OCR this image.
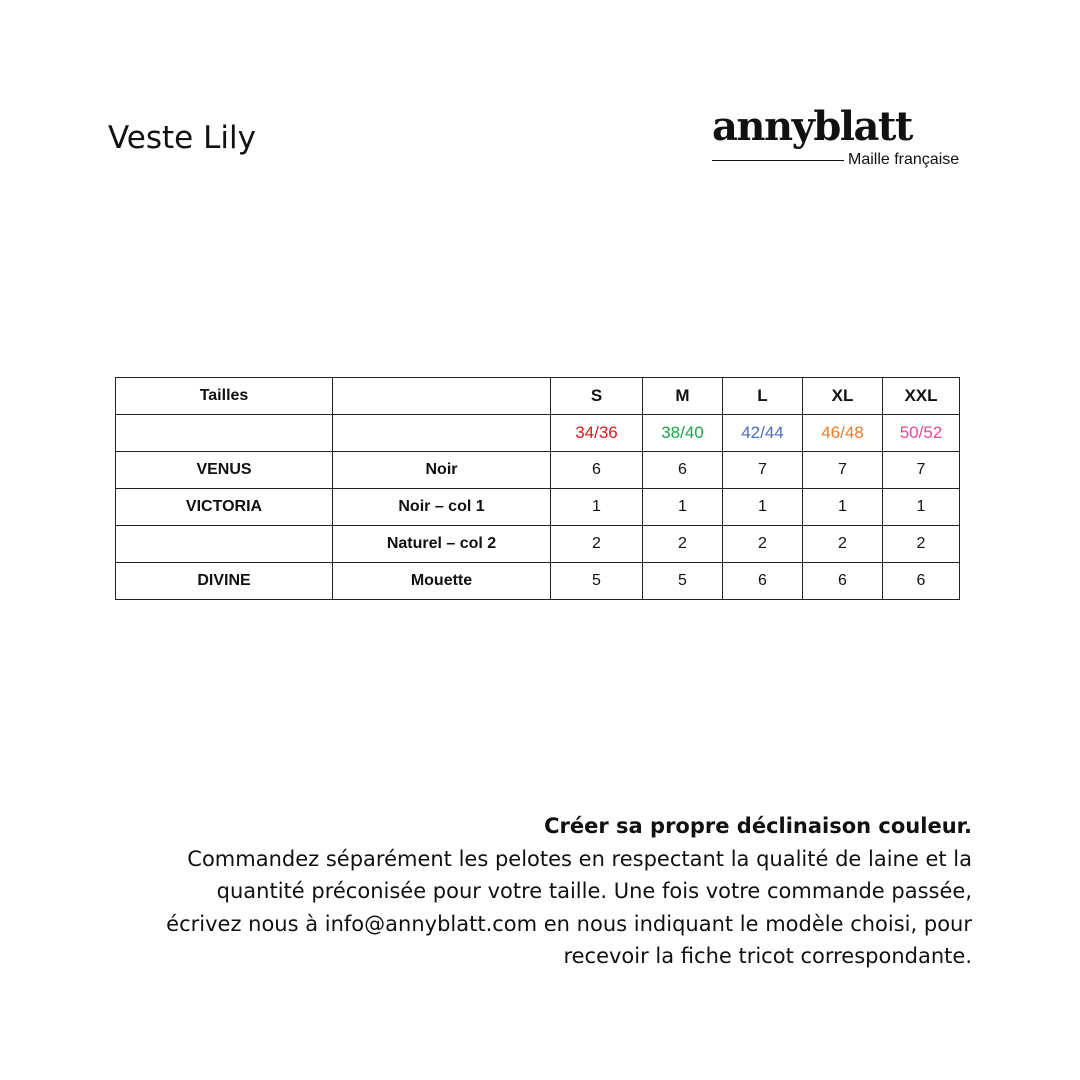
Veste Lily	annyblatt
Maille française
Tailles		S	M	L	XL	XXL
		34/36	38/40	42/44	46/48	50/52
VENUS	Noir	6	6	7	7	7
VICTORIA	Noir – col 1	1	1	1	1	1
	Naturel – col 2	2	2	2	2	2
DIVINE	Mouette	5	5	6	6	6
Créer sa propre déclinaison couleur.
Commandez séparément les pelotes en respectant la qualité de laine et la
quantité préconisée pour votre taille. Une fois votre commande passée,
écrivez nous à info@annyblatt.com en nous indiquant le modèle choisi, pour
recevoir la fiche tricot correspondante.
